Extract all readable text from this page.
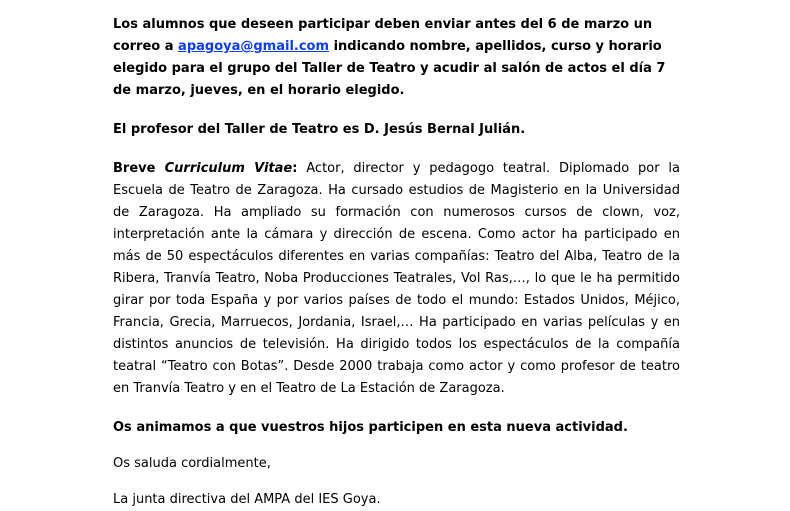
Los alumnos que deseen participar deben enviar antes del 6 de marzo un correo a apagoya@gmail.com indicando nombre, apellidos, curso y horario elegido para el grupo del Taller de Teatro y acudir al salón de actos el día 7 de marzo, jueves, en el horario elegido.

El profesor del Taller de Teatro es D. Jesús Bernal Julián.

Breve Curriculum Vitae: Actor, director y pedagogo teatral. Diplomado por la Escuela de Teatro de Zaragoza. Ha cursado estudios de Magisterio en la Universidad de Zaragoza. Ha ampliado su formación con numerosos cursos de clown, voz, interpretación ante la cámara y dirección de escena. Como actor ha participado en más de 50 espectáculos diferentes en varias compañías: Teatro del Alba, Teatro de la Ribera, Tranvía Teatro, Noba Producciones Teatrales, Vol Ras,…, lo que le ha permitido girar por toda España y por varios países de todo el mundo: Estados Unidos, Méjico, Francia, Grecia, Marruecos, Jordania, Israel,… Ha participado en varias películas y en distintos anuncios de televisión. Ha dirigido todos los espectáculos de la compañía teatral “Teatro con Botas”. Desde 2000 trabaja como actor y como profesor de teatro en Tranvía Teatro y en el Teatro de La Estación de Zaragoza.

Os animamos a que vuestros hijos participen en esta nueva actividad.

Os saluda cordialmente,

La junta directiva del AMPA del IES Goya.
